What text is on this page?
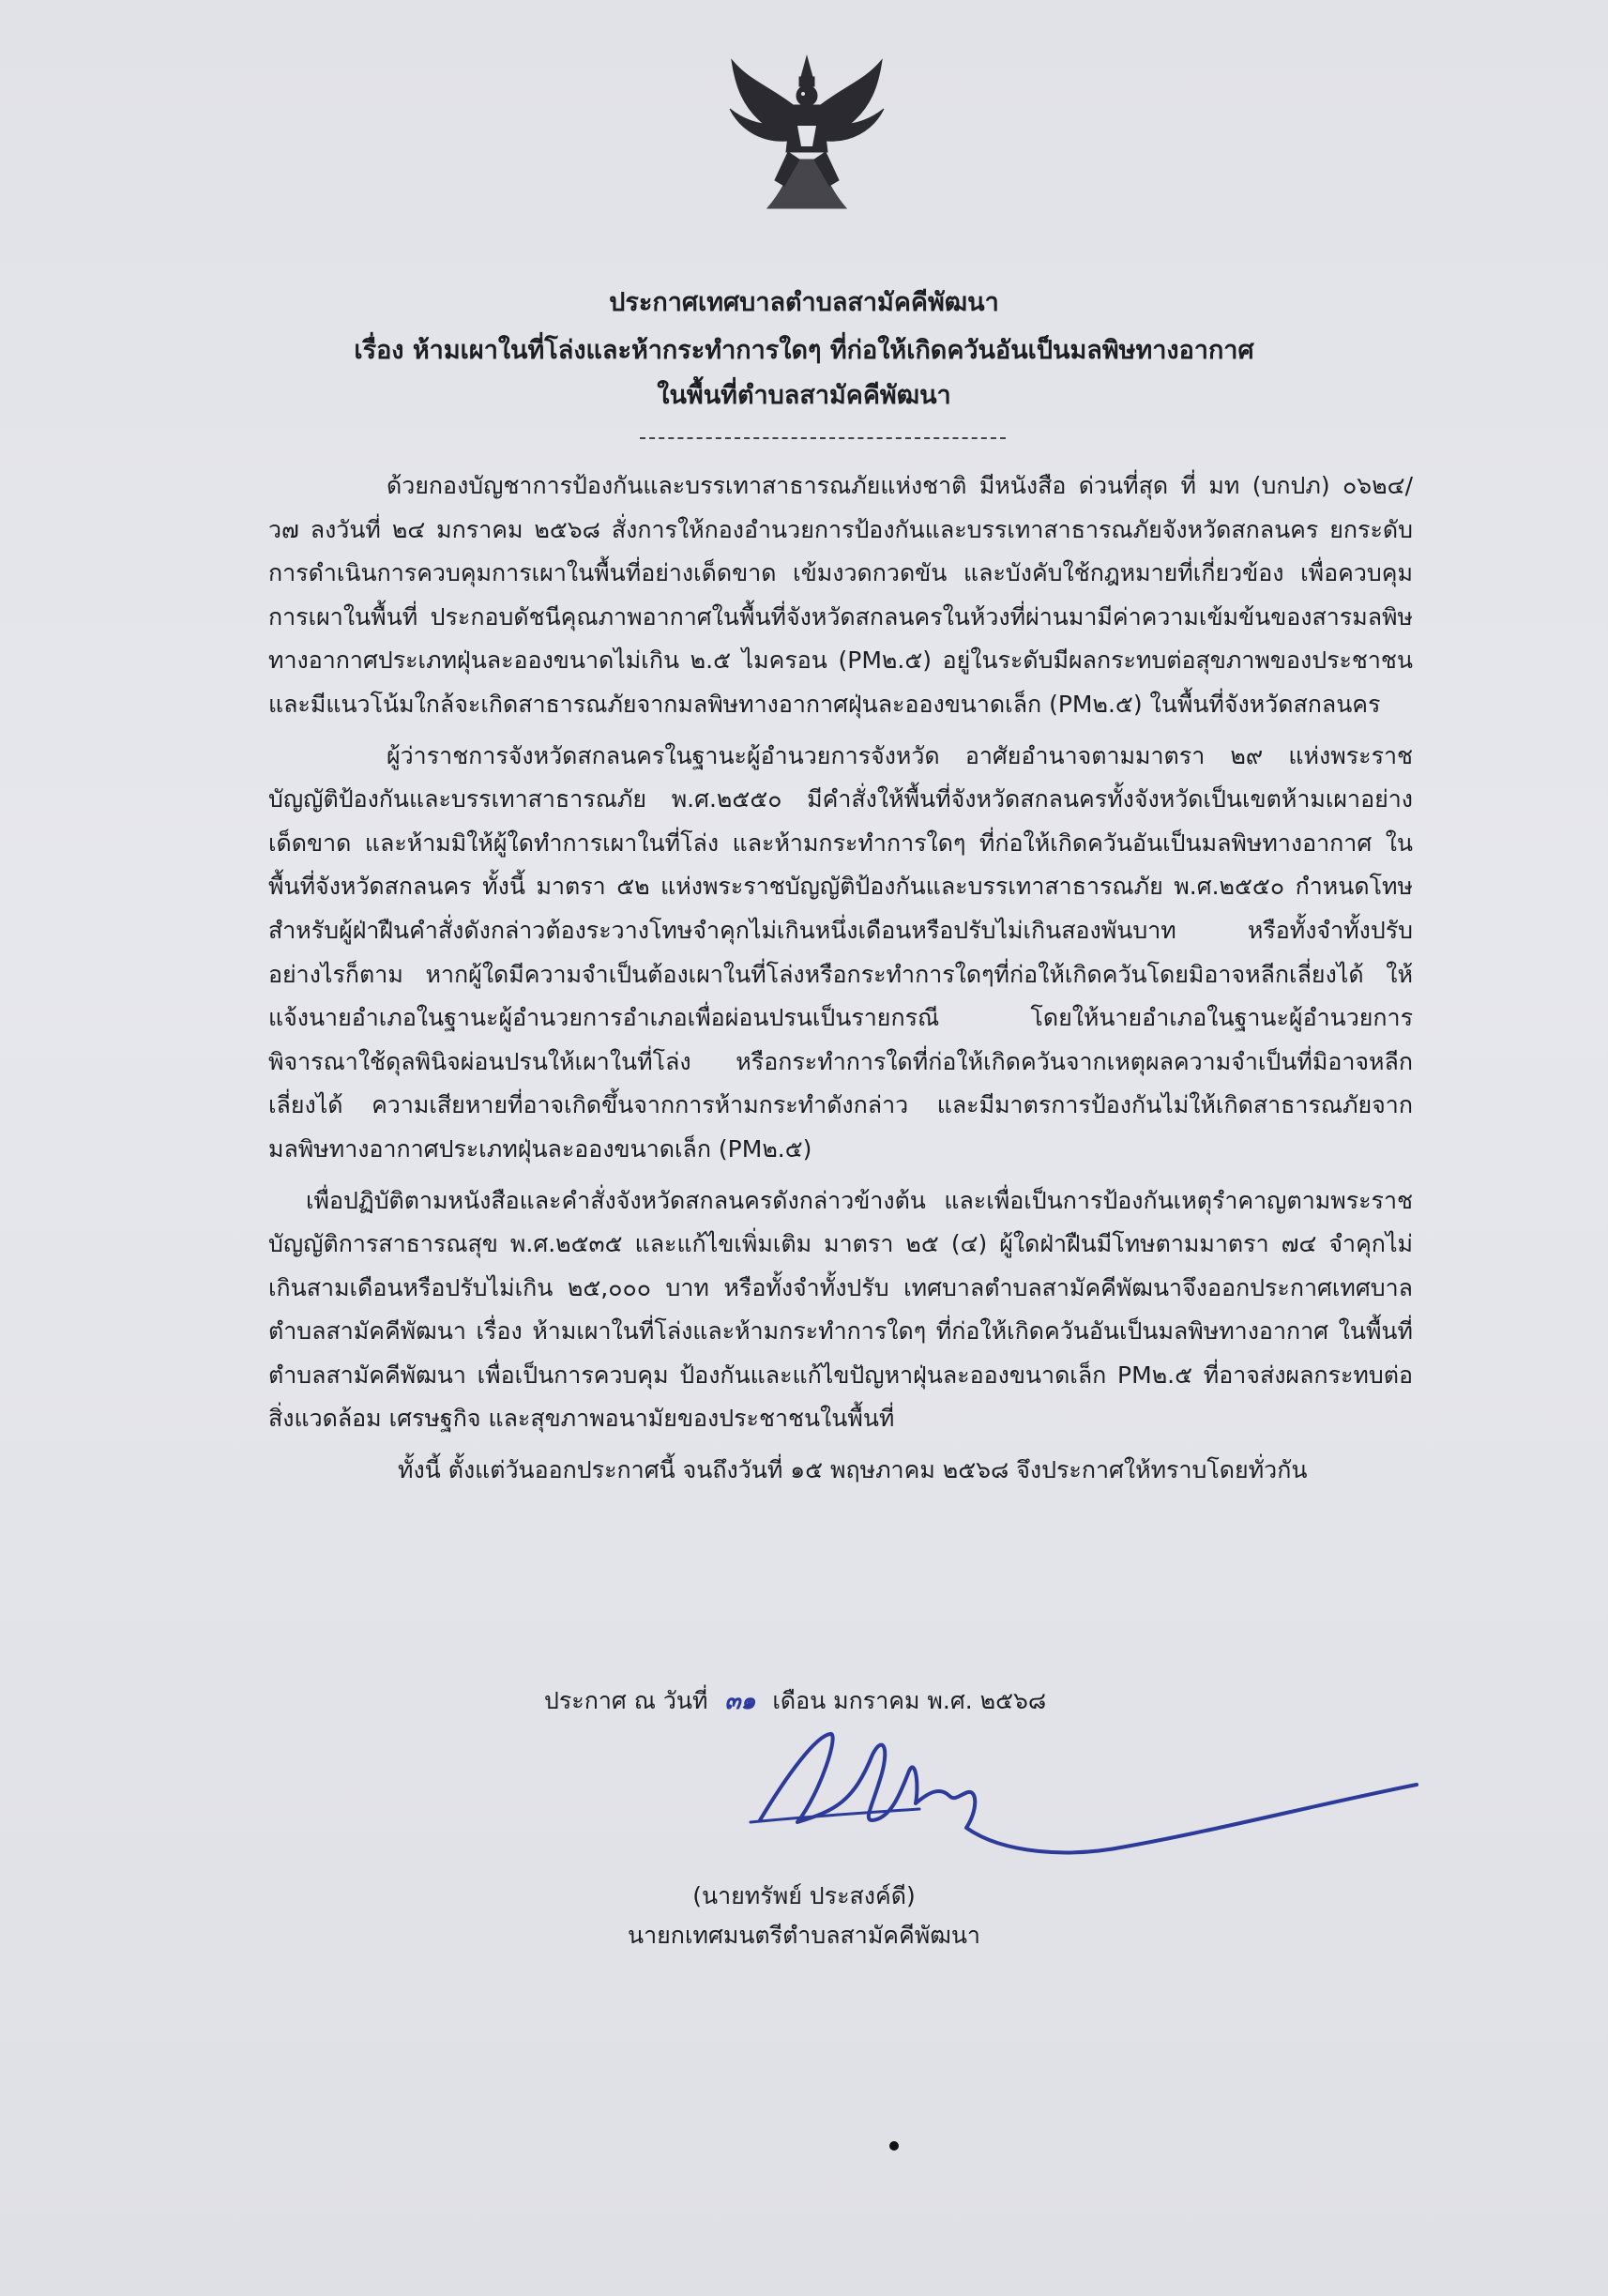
ประกาศเทศบาลตำบลสามัคคีพัฒนา
เรื่อง ห้ามเผาในที่โล่งและห้ากระทำการใดๆ ที่ก่อให้เกิดควันอันเป็นมลพิษทางอากาศ
ในพื้นที่ตำบลสามัคคีพัฒนา

ด้วยกองบัญชาการป้องกันและบรรเทาสาธารณภัยแห่งชาติ มีหนังสือ ด่วนที่สุด ที่ มท (บกปภ) ๐๖๒๔/ว๗ ลงวันที่ ๒๔ มกราคม ๒๕๖๘ สั่งการให้กองอำนวยการป้องกันและบรรเทาสาธารณภัยจังหวัดสกลนคร ยกระดับการดำเนินการควบคุมการเผาในพื้นที่อย่างเด็ดขาด เข้มงวดกวดขัน และบังคับใช้กฎหมายที่เกี่ยวข้อง เพื่อควบคุมการเผาในพื้นที่ ประกอบดัชนีคุณภาพอากาศในพื้นที่จังหวัดสกลนครในห้วงที่ผ่านมามีค่าความเข้มข้นของสารมลพิษทางอากาศประเภทฝุ่นละอองขนาดไม่เกิน ๒.๕ ไมครอน (PM๒.๕) อยู่ในระดับมีผลกระทบต่อสุขภาพของประชาชน และมีแนวโน้มใกล้จะเกิดสาธารณภัยจากมลพิษทางอากาศฝุ่นละอองขนาดเล็ก (PM๒.๕) ในพื้นที่จังหวัดสกลนคร

ผู้ว่าราชการจังหวัดสกลนครในฐานะผู้อำนวยการจังหวัด อาศัยอำนาจตามมาตรา ๒๙ แห่งพระราชบัญญัติป้องกันและบรรเทาสาธารณภัย พ.ศ.๒๕๕๐ มีคำสั่งให้พื้นที่จังหวัดสกลนครทั้งจังหวัดเป็นเขตห้ามเผาอย่างเด็ดขาด และห้ามมิให้ผู้ใดทำการเผาในที่โล่ง และห้ามกระทำการใดๆ ที่ก่อให้เกิดควันอันเป็นมลพิษทางอากาศ ในพื้นที่จังหวัดสกลนคร ทั้งนี้ มาตรา ๕๒ แห่งพระราชบัญญัติป้องกันและบรรเทาสาธารณภัย พ.ศ.๒๕๕๐ กำหนดโทษสำหรับผู้ฝ่าฝืนคำสั่งดังกล่าวต้องระวางโทษจำคุกไม่เกินหนึ่งเดือนหรือปรับไม่เกินสองพันบาท หรือทั้งจำทั้งปรับ อย่างไรก็ตาม หากผู้ใดมีความจำเป็นต้องเผาในที่โล่งหรือกระทำการใดๆที่ก่อให้เกิดควันโดยมิอาจหลีกเลี่ยงได้ ให้แจ้งนายอำเภอในฐานะผู้อำนวยการอำเภอเพื่อผ่อนปรนเป็นรายกรณี โดยให้นายอำเภอในฐานะผู้อำนวยการพิจารณาใช้ดุลพินิจผ่อนปรนให้เผาในที่โล่ง หรือกระทำการใดที่ก่อให้เกิดควันจากเหตุผลความจำเป็นที่มิอาจหลีกเลี่ยงได้ ความเสียหายที่อาจเกิดขึ้นจากการห้ามกระทำดังกล่าว และมีมาตรการป้องกันไม่ให้เกิดสาธารณภัยจากมลพิษทางอากาศประเภทฝุ่นละอองขนาดเล็ก (PM๒.๕)

เพื่อปฏิบัติตามหนังสือและคำสั่งจังหวัดสกลนครดังกล่าวข้างต้น และเพื่อเป็นการป้องกันเหตุรำคาญตามพระราชบัญญัติการสาธารณสุข พ.ศ.๒๕๓๕ และแก้ไขเพิ่มเติม มาตรา ๒๕ (๔) ผู้ใดฝ่าฝืนมีโทษตามมาตรา ๗๔ จำคุกไม่เกินสามเดือนหรือปรับไม่เกิน ๒๕,๐๐๐ บาท หรือทั้งจำทั้งปรับ เทศบาลตำบลสามัคคีพัฒนาจึงออกประกาศเทศบาลตำบลสามัคคีพัฒนา เรื่อง ห้ามเผาในที่โล่งและห้ามกระทำการใดๆ ที่ก่อให้เกิดควันอันเป็นมลพิษทางอากาศ ในพื้นที่ตำบลสามัคคีพัฒนา เพื่อเป็นการควบคุม ป้องกันและแก้ไขปัญหาฝุ่นละอองขนาดเล็ก PM๒.๕ ที่อาจส่งผลกระทบต่อสิ่งแวดล้อม เศรษฐกิจ และสุขภาพอนามัยของประชาชนในพื้นที่

ทั้งนี้ ตั้งแต่วันออกประกาศนี้ จนถึงวันที่ ๑๕ พฤษภาคม ๒๕๖๘ จึงประกาศให้ทราบโดยทั่วกัน

ประกาศ ณ วันที่ ๓๑ เดือน มกราคม พ.ศ. ๒๕๖๘
(นายทรัพย์ ประสงค์ดี)
นายกเทศมนตรีตำบลสามัคคีพัฒนา
